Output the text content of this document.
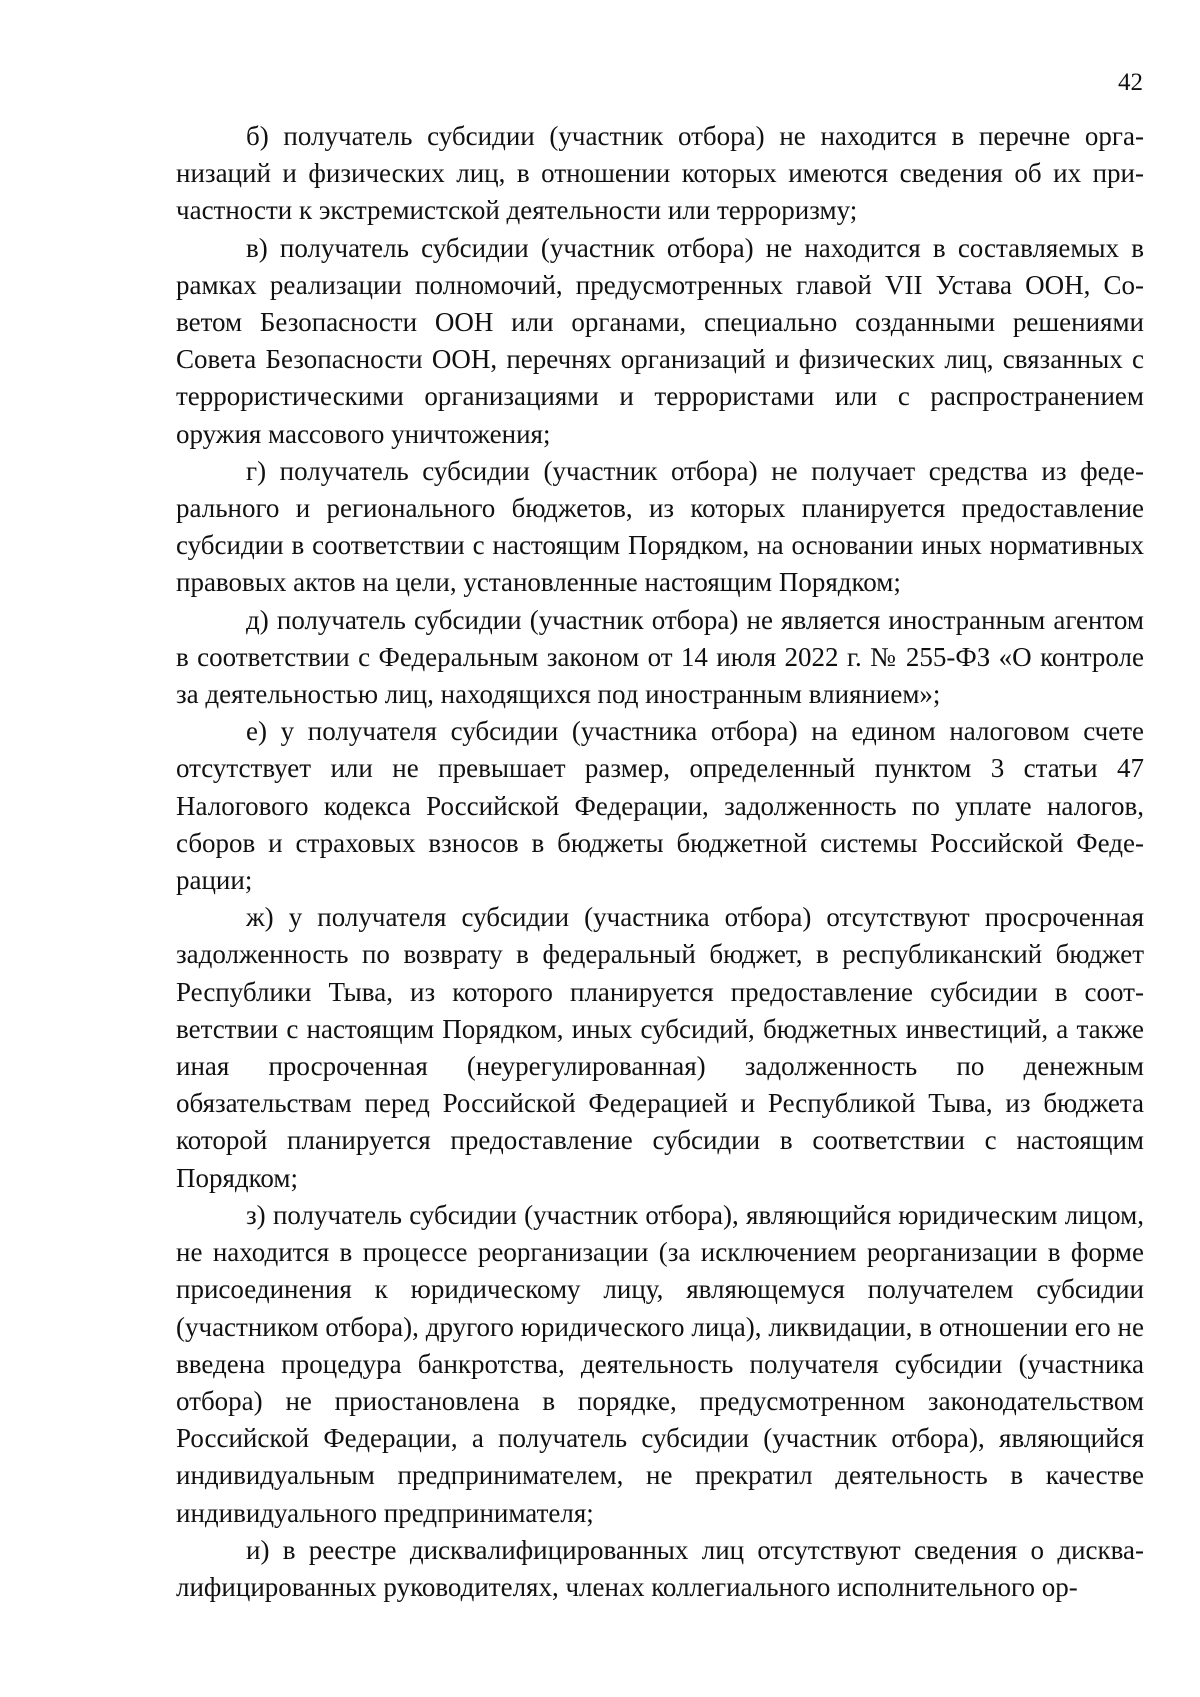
42

б) получатель субсидии (участник отбора) не находится в перечне организаций и физических лиц, в отношении которых имеются сведения об их причастности к экстремистской деятельности или терроризму;

в) получатель субсидии (участник отбора) не находится в составляемых в рамках реализации полномочий, предусмотренных главой VII Устава ООН, Советом Безопасности ООН или органами, специально созданными решениями Совета Безопасности ООН, перечнях организаций и физических лиц, связанных с террористическими организациями и террористами или с распространением оружия массового уничтожения;

г) получатель субсидии (участник отбора) не получает средства из федерального и регионального бюджетов, из которых планируется предоставление субсидии в соответствии с настоящим Порядком, на основании иных нормативных правовых актов на цели, установленные настоящим Порядком;

д) получатель субсидии (участник отбора) не является иностранным агентом в соответствии с Федеральным законом от 14 июля 2022 г. № 255-ФЗ «О контроле за деятельностью лиц, находящихся под иностранным влиянием»;

е) у получателя субсидии (участника отбора) на едином налоговом счете отсутствует или не превышает размер, определенный пунктом 3 статьи 47 Налогового кодекса Российской Федерации, задолженность по уплате налогов, сборов и страховых взносов в бюджеты бюджетной системы Российской Федерации;

ж) у получателя субсидии (участника отбора) отсутствуют просроченная задолженность по возврату в федеральный бюджет, в республиканский бюджет Республики Тыва, из которого планируется предоставление субсидии в соответствии с настоящим Порядком, иных субсидий, бюджетных инвестиций, а также иная просроченная (неурегулированная) задолженность по денежным обязательствам перед Российской Федерацией и Республикой Тыва, из бюджета которой планируется предоставление субсидии в соответствии с настоящим Порядком;

з) получатель субсидии (участник отбора), являющийся юридическим лицом, не находится в процессе реорганизации (за исключением реорганизации в форме присоединения к юридическому лицу, являющемуся получателем субсидии (участником отбора), другого юридического лица), ликвидации, в отношении его не введена процедура банкротства, деятельность получателя субсидии (участника отбора) не приостановлена в порядке, предусмотренном законодательством Российской Федерации, а получатель субсидии (участник отбора), являющийся индивидуальным предпринимателем, не прекратил деятельность в качестве индивидуального предпринимателя;

и) в реестре дисквалифицированных лиц отсутствуют сведения о дисквалифицированных руководителях, членах коллегиального исполнительного ор-
